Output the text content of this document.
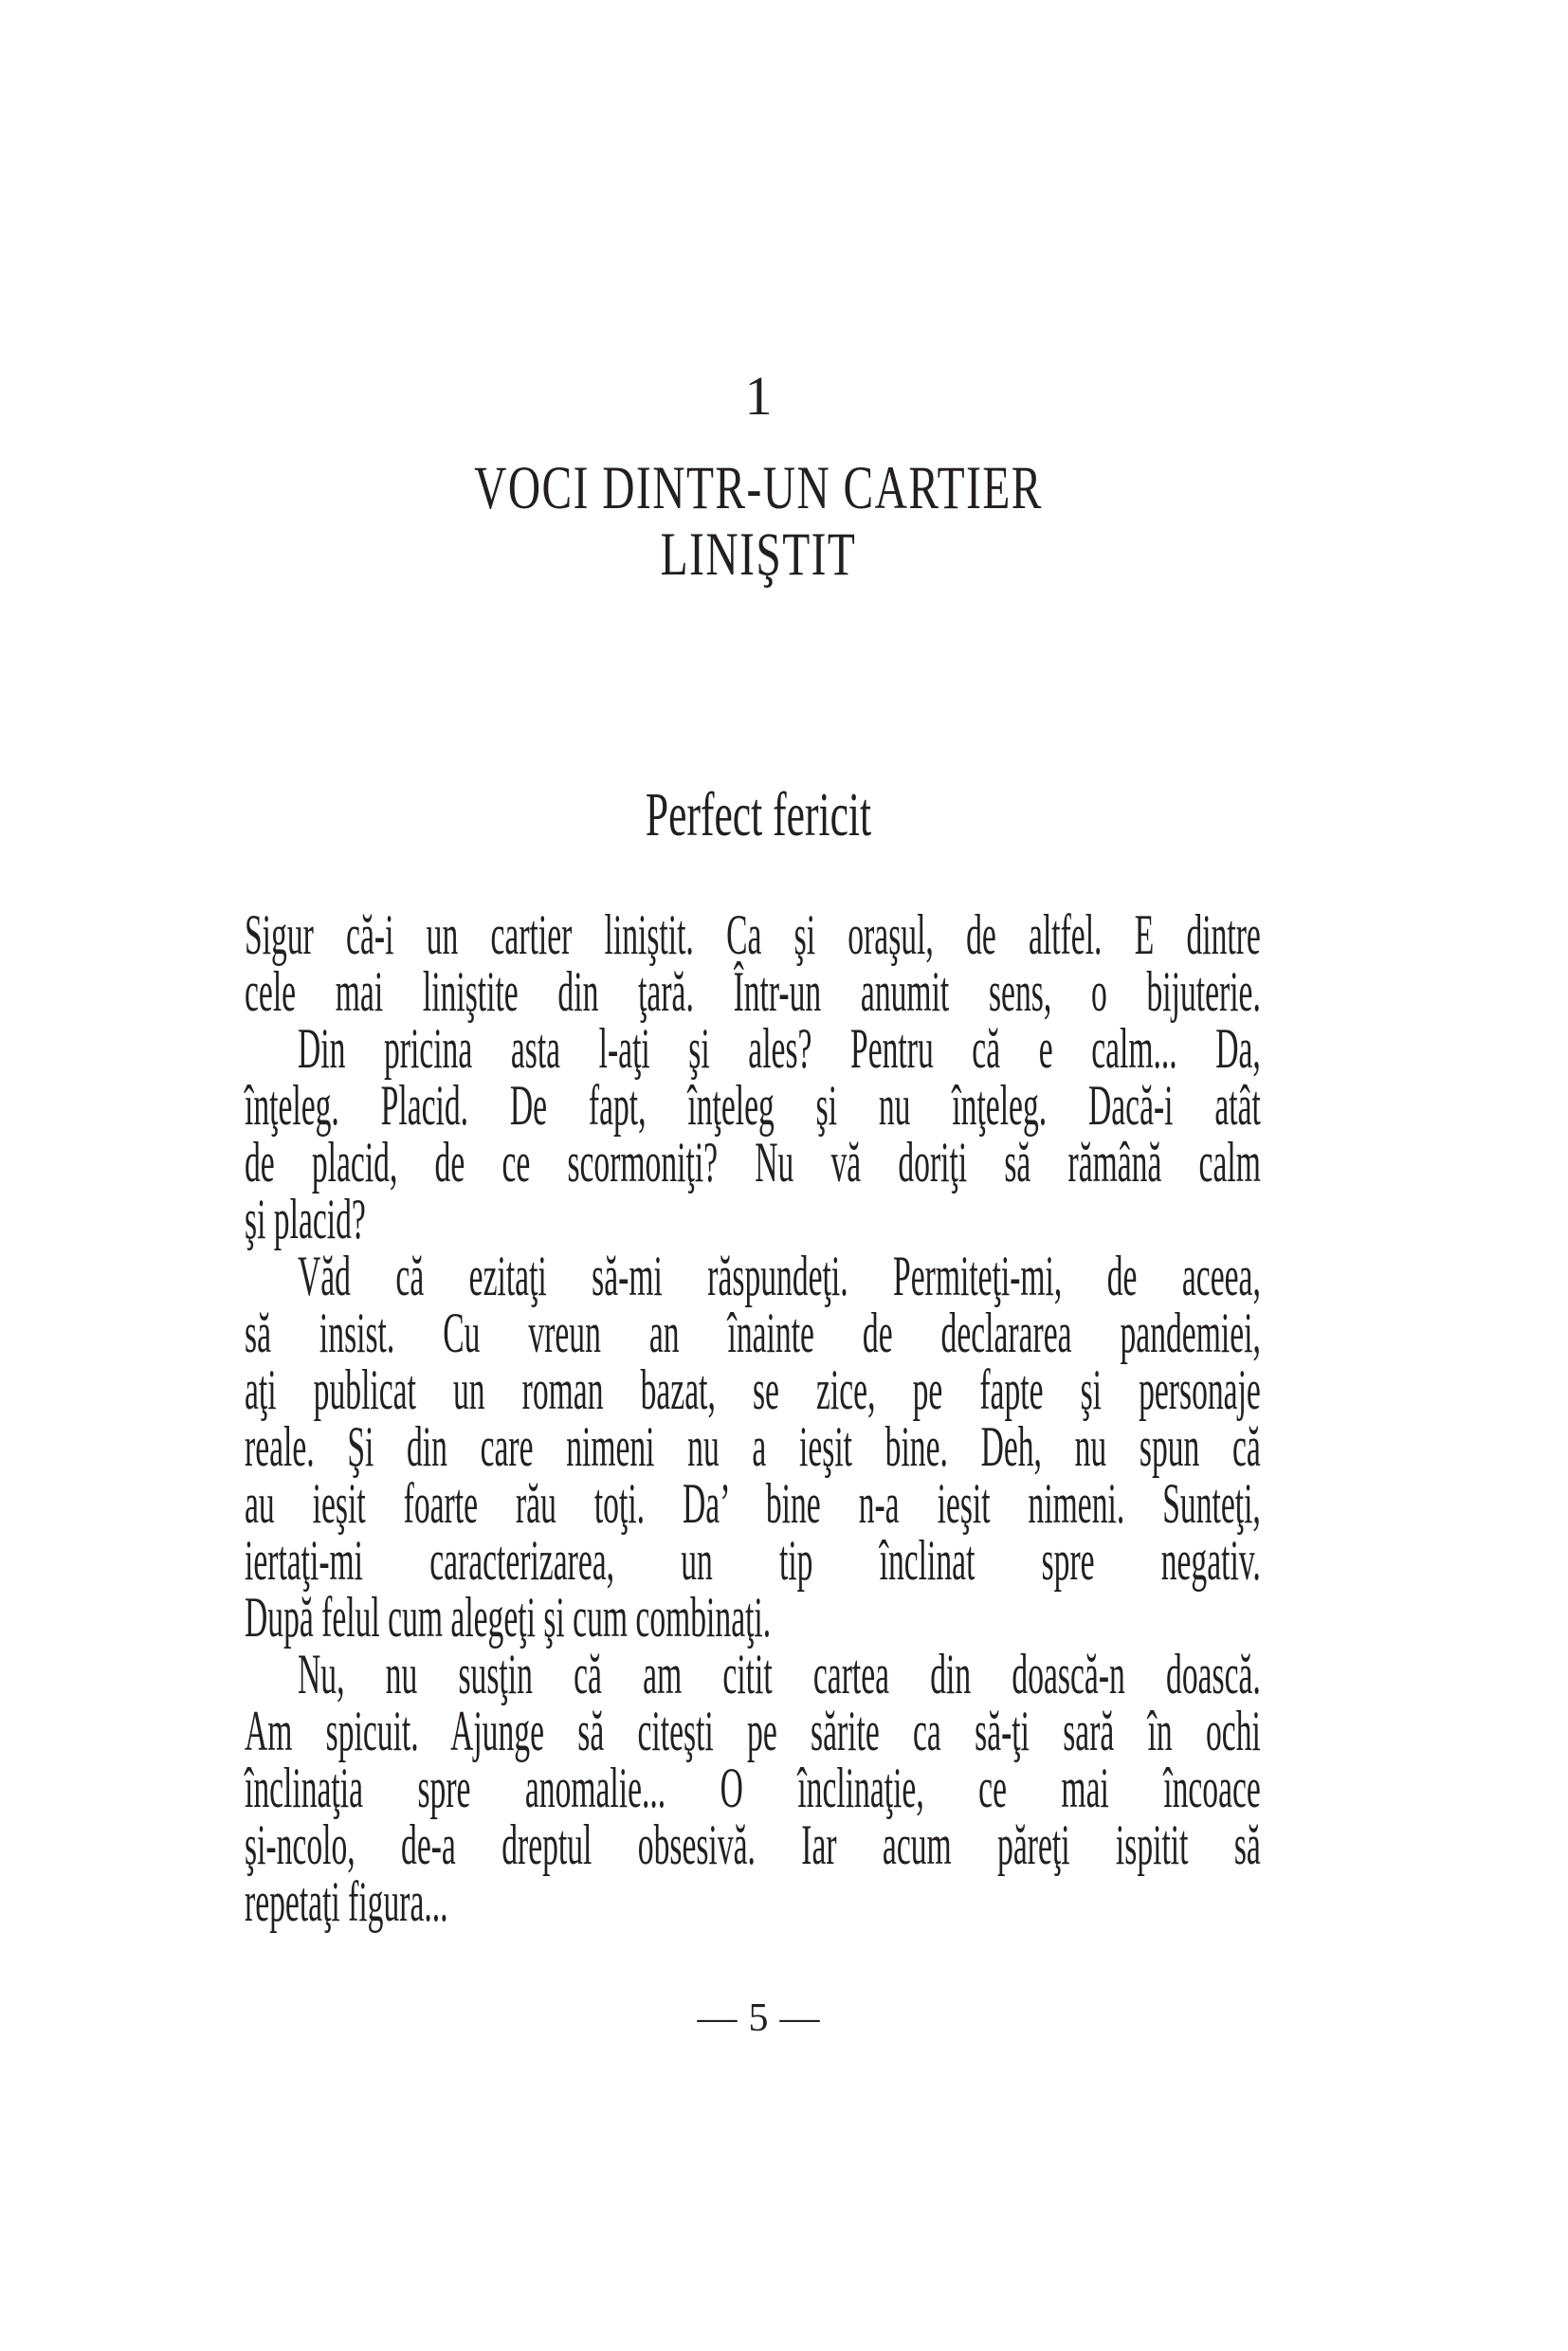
1
VOCI DINTR-UN CARTIER
LINIŞTIT
Perfect fericit
Sigur că-i un cartier liniştit. Ca şi oraşul, de altfel. E dintre
cele mai liniştite din ţară. Într-un anumit sens, o bijuterie.
Din pricina asta l-aţi şi ales? Pentru că e calm... Da,
înţeleg. Placid. De fapt, înţeleg şi nu înţeleg. Dacă-i atât
de placid, de ce scormoniţi? Nu vă doriţi să rămână calm
şi placid?
Văd că ezitaţi să-mi răspundeţi. Permiteţi-mi, de aceea,
să insist. Cu vreun an înainte de declararea pandemiei,
aţi publicat un roman bazat, se zice, pe fapte şi personaje
reale. Şi din care nimeni nu a ieşit bine. Deh, nu spun că
au ieşit foarte rău toţi. Da’ bine n-a ieşit nimeni. Sunteţi,
iertaţi-mi caracterizarea, un tip înclinat spre negativ.
După felul cum alegeţi şi cum combinaţi.
Nu, nu susţin că am citit cartea din doască-n doască.
Am spicuit. Ajunge să citeşti pe sărite ca să-ţi sară în ochi
înclinaţia spre anomalie... O înclinaţie, ce mai încoace
şi-ncolo, de-a dreptul obsesivă. Iar acum păreţi ispitit să
repetaţi figura...
— 5 —
